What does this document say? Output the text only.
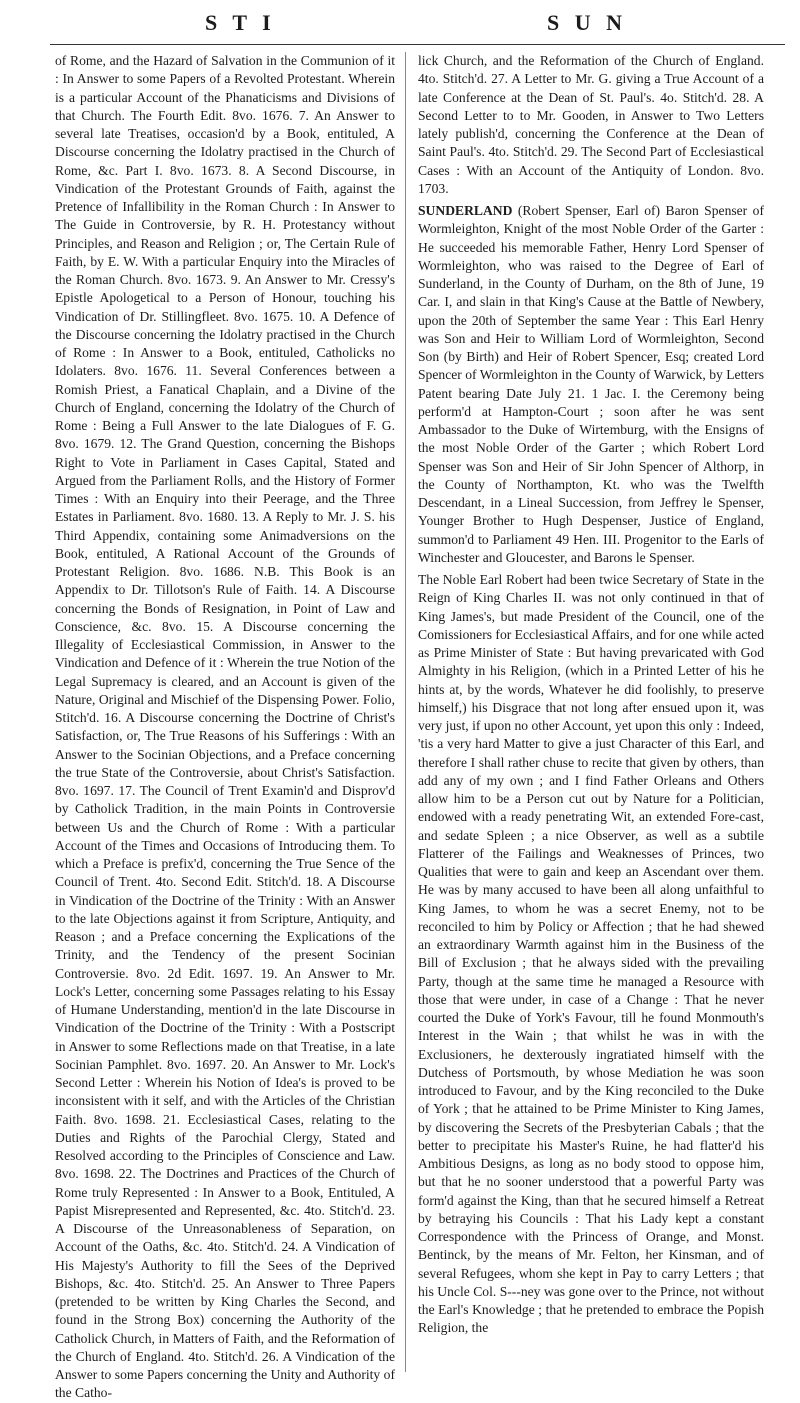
S T I	S U N

of Rome, and the Hazard of Salvation in the Communion of it : In Answer to some Papers of a Revolted Protestant. Wherein is a particular Account of the Phanaticisms and Divisions of that Church. The Fourth Edit. 8vo. 1676. 7. An Answer to several late Treatises, occasion'd by a Book, entituled, A Discourse concerning the Idolatry practised in the Church of Rome, &c. Part I. 8vo. 1673. 8. A Second Discourse, in Vindication of the Protestant Grounds of Faith, against the Pretence of Infallibility in the Roman Church : In Answer to The Guide in Controversie, by R. H. Protestancy without Principles, and Reason and Religion ; or, The Certain Rule of Faith, by E. W. With a particular Enquiry into the Miracles of the Roman Church. 8vo. 1673. 9. An Answer to Mr. Cressy's Epistle Apologetical to a Person of Honour, touching his Vindication of Dr. Stillingfleet. 8vo. 1675. 10. A Defence of the Discourse concerning the Idolatry practised in the Church of Rome : In Answer to a Book, entituled, Catholicks no Idolaters. 8vo. 1676. 11. Several Conferences between a Romish Priest, a Fanatical Chaplain, and a Divine of the Church of England, concerning the Idolatry of the Church of Rome : Being a Full Answer to the late Dialogues of F. G. 8vo. 1679. 12. The Grand Question, concerning the Bishops Right to Vote in Parliament in Cases Capital, Stated and Argued from the Parliament Rolls, and the History of Former Times : With an Enquiry into their Peerage, and the Three Estates in Parliament. 8vo. 1680. 13. A Reply to Mr. J. S. his Third Appendix, containing some Animadversions on the Book, entituled, A Rational Account of the Grounds of Protestant Religion. 8vo. 1686. N.B. This Book is an Appendix to Dr. Tillotson's Rule of Faith. 14. A Discourse concerning the Bonds of Resignation, in Point of Law and Conscience, &c. 8vo. 15. A Discourse concerning the Illegality of Ecclesiastical Commission, in Answer to the Vindication and Defence of it : Wherein the true Notion of the Legal Supremacy is cleared, and an Account is given of the Nature, Original and Mischief of the Dispensing Power. Folio, Stitch'd. 16. A Discourse concerning the Doctrine of Christ's Satisfaction, or, The True Reasons of his Sufferings : With an Answer to the Socinian Objections, and a Preface concerning the true State of the Controversie, about Christ's Satisfaction. 8vo. 1697. 17. The Council of Trent Examin'd and Disprov'd by Catholick Tradition, in the main Points in Controversie between Us and the Church of Rome : With a particular Account of the Times and Occasions of Introducing them. To which a Preface is prefix'd, concerning the True Sence of the Council of Trent. 4to. Second Edit. Stitch'd. 18. A Discourse in Vindication of the Doctrine of the Trinity : With an Answer to the late Objections against it from Scripture, Antiquity, and Reason ; and a Preface concerning the Explications of the Trinity, and the Tendency of the present Socinian Controversie. 8vo. 2d Edit. 1697. 19. An Answer to Mr. Lock's Letter, concerning some Passages relating to his Essay of Humane Understanding, mention'd in the late Discourse in Vindication of the Doctrine of the Trinity : With a Postscript in Answer to some Reflections made on that Treatise, in a late Socinian Pamphlet. 8vo. 1697. 20. An Answer to Mr. Lock's Second Letter : Wherein his Notion of Idea's is proved to be inconsistent with it self, and with the Articles of the Christian Faith. 8vo. 1698. 21. Ecclesiastical Cases, relating to the Duties and Rights of the Parochial Clergy, Stated and Resolved according to the Principles of Conscience and Law. 8vo. 1698. 22. The Doctrines and Practices of the Church of Rome truly Represented : In Answer to a Book, Entituled, A Papist Misrepresented and Represented, &c. 4to. Stitch'd. 23. A Discourse of the Unreasonableness of Separation, on Account of the Oaths, &c. 4to. Stitch'd. 24. A Vindication of His Majesty's Authority to fill the Sees of the Deprived Bishops, &c. 4to. Stitch'd. 25. An Answer to Three Papers (pretended to be written by King Charles the Second, and found in the Strong Box) concerning the Authority of the Catholick Church, in Matters of Faith, and the Reformation of the Church of England. 4to. Stitch'd. 26. A Vindication of the Answer to some Papers concerning the Unity and Authority of the Catho-

lick Church, and the Reformation of the Church of England. 4to. Stitch'd. 27. A Letter to Mr. G. giving a True Account of a late Conference at the Dean of St. Paul's. 4o. Stitch'd. 28. A Second Letter to to Mr. Gooden, in Answer to Two Letters lately publish'd, concerning the Conference at the Dean of Saint Paul's. 4to. Stitch'd. 29. The Second Part of Ecclesiastical Cases : With an Account of the Antiquity of London. 8vo. 1703.

SUNDERLAND (Robert Spenser, Earl of) Baron Spenser of Wormleighton, Knight of the most Noble Order of the Garter : He succeeded his memorable Father, Henry Lord Spenser of Wormleighton, who was raised to the Degree of Earl of Sunderland, in the County of Durham, on the 8th of June, 19 Car. I, and slain in that King's Cause at the Battle of Newbery, upon the 20th of September the same Year : This Earl Henry was Son and Heir to William Lord of Wormleighton, Second Son (by Birth) and Heir of Robert Spencer, Esq; created Lord Spencer of Wormleighton in the County of Warwick, by Letters Patent bearing Date July 21. 1 Jac. I. the Ceremony being perform'd at Hampton-Court ; soon after he was sent Ambassador to the Duke of Wirtemburg, with the Ensigns of the most Noble Order of the Garter ; which Robert Lord Spenser was Son and Heir of Sir John Spencer of Althorp, in the County of Northampton, Kt. who was the Twelfth Descendant, in a Lineal Succession, from Jeffrey le Spenser, Younger Brother to Hugh Despenser, Justice of England, summon'd to Parliament 49 Hen. III. Progenitor to the Earls of Winchester and Gloucester, and Barons le Spenser.

The Noble Earl Robert had been twice Secretary of State in the Reign of King Charles II. was not only continued in that of King James's, but made President of the Council, one of the Comissioners for Ecclesiastical Affairs, and for one while acted as Prime Minister of State : But having prevaricated with God Almighty in his Religion, (which in a Printed Letter of his he hints at, by the words, Whatever he did foolishly, to preserve himself,) his Disgrace that not long after ensued upon it, was very just, if upon no other Account, yet upon this only : Indeed, 'tis a very hard Matter to give a just Character of this Earl, and therefore I shall rather chuse to recite that given by others, than add any of my own ; and I find Father Orleans and Others allow him to be a Person cut out by Nature for a Politician, endowed with a ready penetrating Wit, an extended Fore-cast, and sedate Spleen ; a nice Observer, as well as a subtile Flatterer of the Failings and Weaknesses of Princes, two Qualities that were to gain and keep an Ascendant over them. He was by many accused to have been all along unfaithful to King James, to whom he was a secret Enemy, not to be reconciled to him by Policy or Affection ; that he had shewed an extraordinary Warmth against him in the Business of the Bill of Exclusion ; that he always sided with the prevailing Party, though at the same time he managed a Resource with those that were under, in case of a Change : That he never courted the Duke of York's Favour, till he found Monmouth's Interest in the Wain ; that whilst he was in with the Exclusioners, he dexterously ingratiated himself with the Dutchess of Portsmouth, by whose Mediation he was soon introduced to Favour, and by the King reconciled to the Duke of York ; that he attained to be Prime Minister to King James, by discovering the Secrets of the Presbyterian Cabals ; that the better to precipitate his Master's Ruine, he had flatter'd his Ambitious Designs, as long as no body stood to oppose him, but that he no sooner understood that a powerful Party was form'd against the King, than that he secured himself a Retreat by betraying his Councils : That his Lady kept a constant Correspondence with the Princess of Orange, and Monst. Bentinck, by the means of Mr. Felton, her Kinsman, and of several Refugees, whom she kept in Pay to carry Letters ; that his Uncle Col. S---ney was gone over to the Prince, not without the Earl's Knowledge ; that he pretended to embrace the Popish Religion, the
